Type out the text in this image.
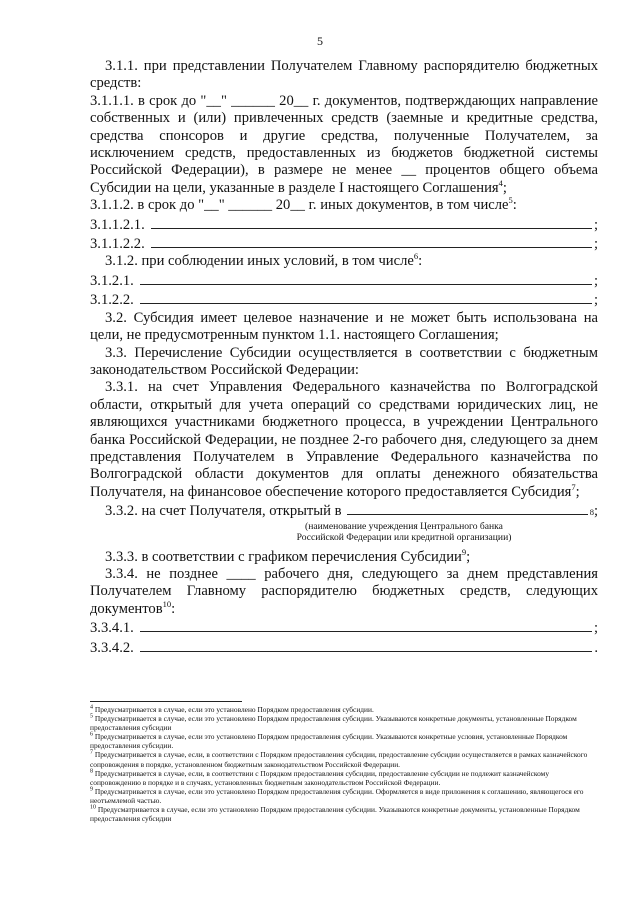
5

3.1.1. при представлении Получателем Главному распорядителю бюджетных средств:

3.1.1.1. в срок до "__" ______ 20__ г. документов, подтверждающих направление собственных и (или) привлеченных средств (заемные и кредитные средства, средства спонсоров и другие средства, полученные Получателем, за исключением средств, предоставленных из бюджетов бюджетной системы Российской Федерации), в размере не менее __ процентов общего объема Субсидии на цели, указанные в разделе I настоящего Соглашения$^4$;

3.1.1.2. в срок до "__" ______ 20__ г. иных документов, в том числе$^5$:

3.1.1.2.1.	;
3.1.1.2.2.	;

3.1.2. при соблюдении иных условий, в том числе$^6$:

3.1.2.1.	;
3.1.2.2.	;

3.2. Субсидия имеет целевое назначение и не может быть использована на цели, не предусмотренным пунктом 1.1. настоящего Соглашения;

3.3. Перечисление Субсидии осуществляется в соответствии с бюджетным законодательством Российской Федерации:

3.3.1. на счет Управления Федерального казначейства по Волгоградской области, открытый для учета операций со средствами юридических лиц, не являющихся участниками бюджетного процесса, в учреждении Центрального банка Российской Федерации, не позднее 2-го рабочего дня, следующего за днем представления Получателем в Управление Федерального казначейства по Волгоградской области документов для оплаты денежного обязательства Получателя, на финансовое обеспечение которого предоставляется Субсидия$^7$;

3.3.2. на счет Получателя, открытый в	8 ;
(наименование учреждения Центрального банка
Российской Федерации или кредитной организации)

3.3.3. в соответствии с графиком перечисления Субсидии$^9$;

3.3.4. не позднее ____ рабочего дня, следующего за днем представления Получателем Главному распорядителю бюджетных средств, следующих документов$^{10}$:

3.3.4.1.	;
3.3.4.2.	.

$^4$ Предусматривается в случае, если это установлено Порядком предоставления субсидии.

$^5$ Предусматривается в случае, если это установлено Порядком предоставления субсидии. Указываются конкретные документы, установленные Порядком предоставления субсидии

$^6$ Предусматривается в случае, если это установлено Порядком предоставления субсидии. Указываются конкретные условия, установленные Порядком предоставления субсидии.

$^7$ Предусматривается в случае, если, в соответствии с Порядком предоставления субсидии, предоставление субсидии осуществляется в рамках казначейского сопровождения в порядке, установленном бюджетным законодательством Российской Федерации.

$^8$ Предусматривается в случае, если, в соответствии с Порядком предоставления субсидии, предоставление субсидии не подлежит казначейскому сопровождению в порядке и в случаях, установленных бюджетным законодательством Российской Федерации.

$^9$ Предусматривается в случае, если это установлено Порядком предоставления субсидии. Оформляется в виде приложения к соглашению, являющегося его неотъемлемой частью.

$^{10}$ Предусматривается в случае, если это установлено Порядком предоставления субсидии. Указываются конкретные документы, установленные Порядком предоставления субсидии
